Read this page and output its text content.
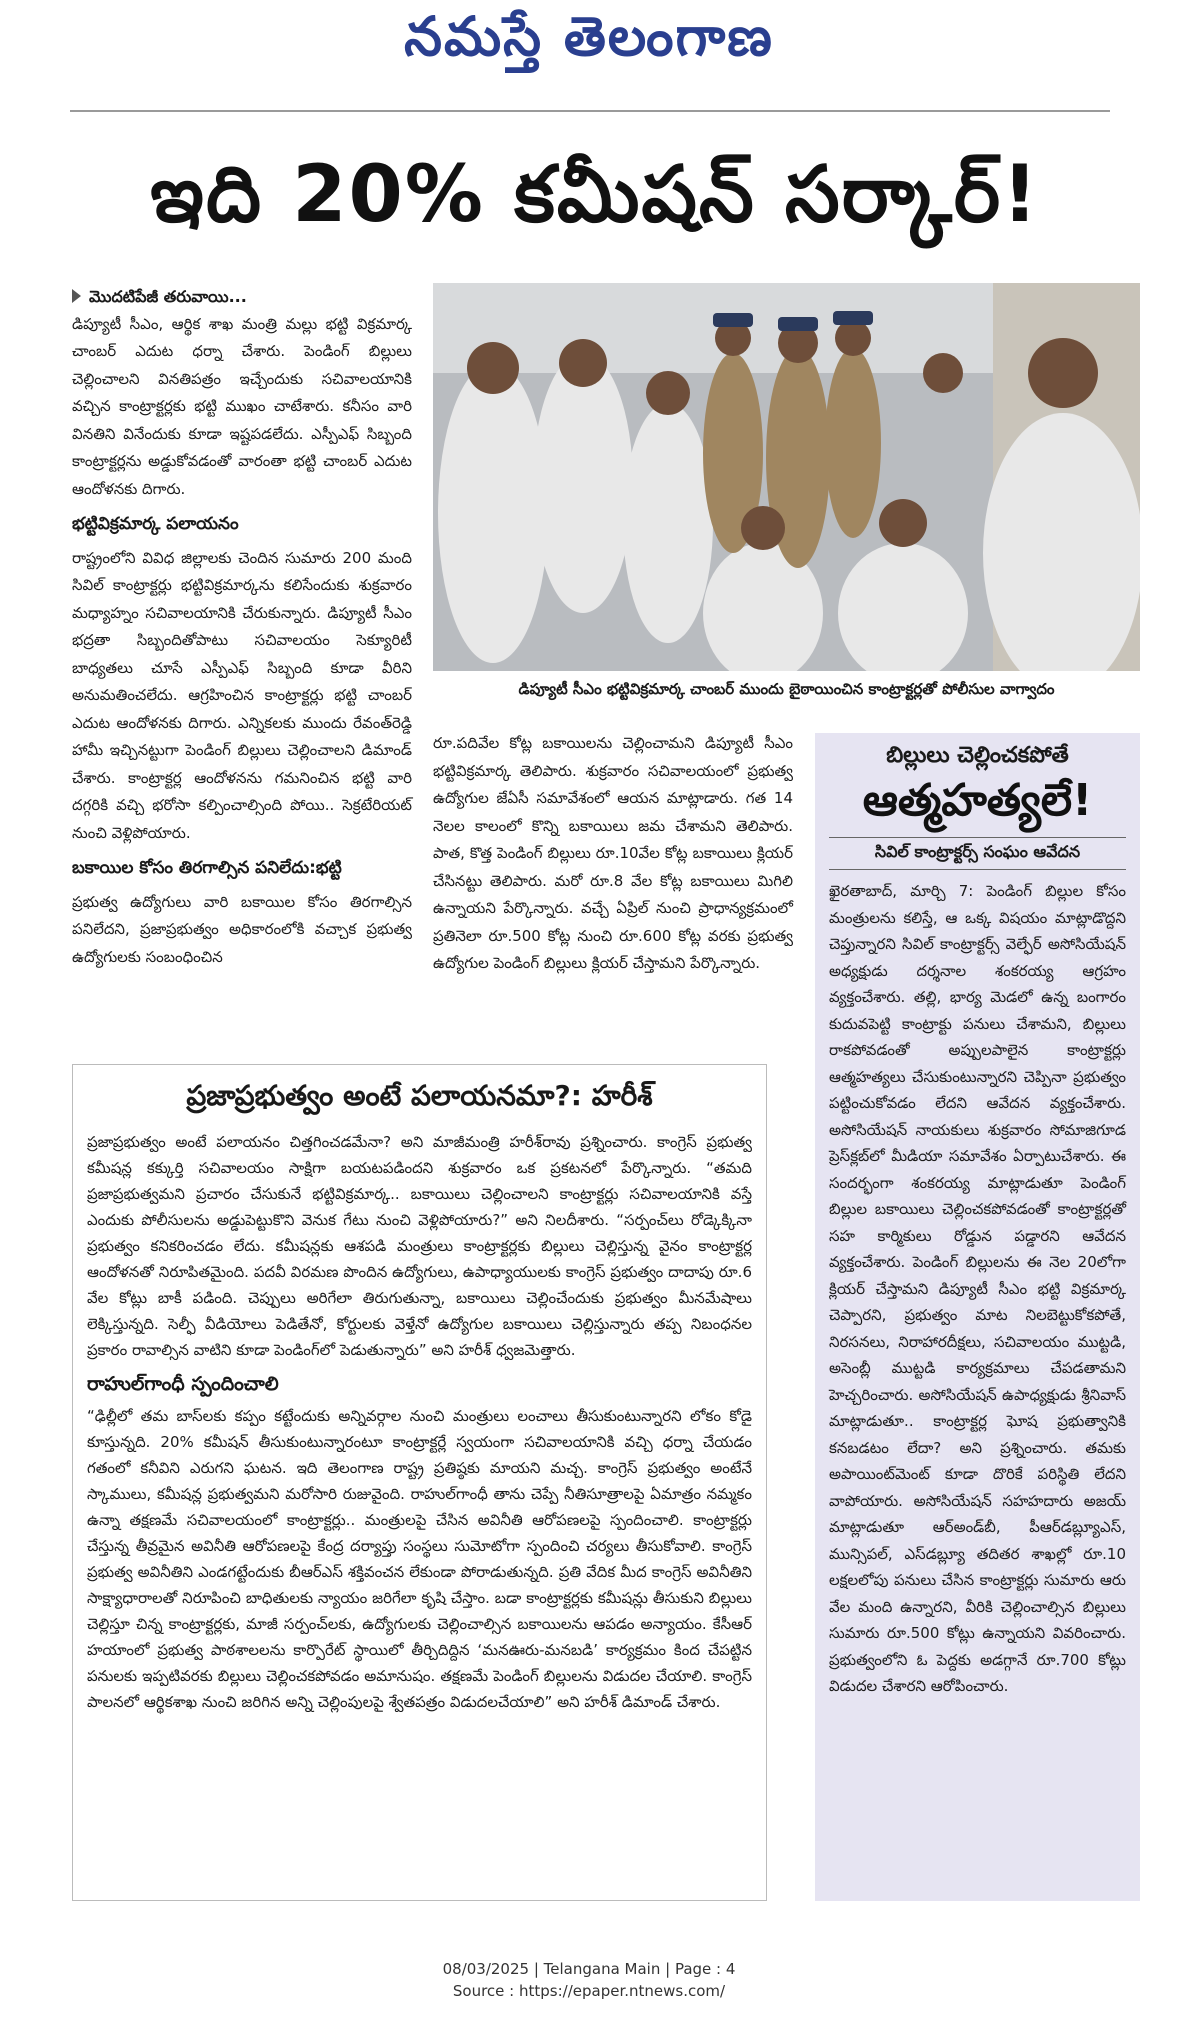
నమస్తే తెలంగాణ
ఇది 20% కమీషన్ సర్కార్!
మొదటిపేజీ తరువాయి...

డిప్యూటీ సీఎం, ఆర్థిక శాఖ మంత్రి మల్లు భట్టి విక్రమార్క చాంబర్ ఎదుట ధర్నా చేశారు. పెండింగ్ బిల్లులు చెల్లించాలని వినతిపత్రం ఇచ్చేందుకు సచివాలయానికి వచ్చిన కాంట్రాక్టర్లకు భట్టి ముఖం చాటేశారు. కనీసం వారి వినతిని వినేందుకు కూడా ఇష్టపడలేదు. ఎస్పీఎఫ్ సిబ్బంది కాంట్రాక్టర్లను అడ్డుకోవడంతో వారంతా భట్టి చాంబర్ ఎదుట ఆందోళనకు దిగారు.

భట్టివిక్రమార్క పలాయనం

రాష్ట్రంలోని వివిధ జిల్లాలకు చెందిన సుమారు 200 మంది సివిల్ కాంట్రాక్టర్లు భట్టివిక్రమార్కను కలిసేందుకు శుక్రవారం మధ్యాహ్నం సచివాలయానికి చేరుకున్నారు. డిప్యూటీ సీఎం భద్రతా సిబ్బందితోపాటు సచివాలయం సెక్యూరిటీ బాధ్యతలు చూసే ఎస్పీఎఫ్ సిబ్బంది కూడా వీరిని అనుమతించలేదు. ఆగ్రహించిన కాంట్రాక్టర్లు భట్టి చాంబర్ ఎదుట ఆందోళనకు దిగారు. ఎన్నికలకు ముందు రేవంత్‌రెడ్డి హామీ ఇచ్చినట్టుగా పెండింగ్ బిల్లులు చెల్లించాలని డిమాండ్ చేశారు. కాంట్రాక్టర్ల ఆందోళనను గమనించిన భట్టి వారి దగ్గరికి వచ్చి భరోసా కల్పించాల్సింది పోయి.. సెక్రటేరియట్ నుంచి వెళ్లిపోయారు.

బకాయిల కోసం తిరగాల్సిన పనిలేదు:భట్టి

ప్రభుత్వ ఉద్యోగులు వారి బకాయిల కోసం తిరగాల్సిన పనిలేదని, ప్రజాప్రభుత్వం అధికారంలోకి వచ్చాక ప్రభుత్వ ఉద్యోగులకు సంబంధించిన

డిప్యూటీ సీఎం భట్టివిక్రమార్క చాంబర్ ముందు బైఠాయించిన కాంట్రాక్టర్లతో పోలీసుల వాగ్వాదం

రూ.పదివేల కోట్ల బకాయిలను చెల్లించామని డిప్యూటీ సీఎం భట్టివిక్రమార్క తెలిపారు. శుక్రవారం సచివాలయంలో ప్రభుత్వ ఉద్యోగుల జేఏసీ సమావేశంలో ఆయన మాట్లాడారు. గత 14 నెలల కాలంలో కొన్ని బకాయిలు జమ చేశామని తెలిపారు. పాత, కొత్త పెండింగ్ బిల్లులు రూ.10వేల కోట్ల బకాయిలు క్లియర్ చేసినట్టు తెలిపారు. మరో రూ.8 వేల కోట్ల బకాయిలు మిగిలి ఉన్నాయని పేర్కొన్నారు. వచ్చే ఏప్రిల్ నుంచి ప్రాధాన్యక్రమంలో ప్రతినెలా రూ.500 కోట్ల నుంచి రూ.600 కోట్ల వరకు ప్రభుత్వ ఉద్యోగుల పెండింగ్ బిల్లులు క్లియర్ చేస్తామని పేర్కొన్నారు.

ప్రజాప్రభుత్వం అంటే పలాయనమా?: హరీశ్

ప్రజాప్రభుత్వం అంటే పలాయనం చిత్తగించడమేనా? అని మాజీమంత్రి హరీశ్‌రావు ప్రశ్నించారు. కాంగ్రెస్ ప్రభుత్వ కమీషన్ల కక్కుర్తి సచివాలయం సాక్షిగా బయటపడిందని శుక్రవారం ఒక ప్రకటనలో పేర్కొన్నారు. “తమది ప్రజాప్రభుత్వమని ప్రచారం చేసుకునే భట్టివిక్రమార్క.. బకాయిలు చెల్లించాలని కాంట్రాక్టర్లు సచివాలయానికి వస్తే ఎందుకు పోలీసులను అడ్డుపెట్టుకొని వెనుక గేటు నుంచి వెళ్లిపోయారు?” అని నిలదీశారు. “సర్పంచ్‌లు రోడ్కెక్కినా ప్రభుత్వం కనికరించడం లేదు. కమీషన్లకు ఆశపడి మంత్రులు కాంట్రాక్టర్లకు బిల్లులు చెల్లిస్తున్న వైనం కాంట్రాక్టర్ల ఆందోళనతో నిరూపితమైంది. పదవీ విరమణ పొందిన ఉద్యోగులు, ఉపాధ్యాయులకు కాంగ్రెస్ ప్రభుత్వం దాదాపు రూ.6 వేల కోట్లు బాకీ పడింది. చెప్పులు అరిగేలా తిరుగుతున్నా, బకాయిలు చెల్లించేందుకు ప్రభుత్వం మీనమేషాలు లెక్కిస్తున్నది. సెల్ఫీ వీడియోలు పెడితేనో, కోర్టులకు వెళ్తేనో ఉద్యోగుల బకాయిలు చెల్లిస్తున్నారు తప్ప నిబంధనల ప్రకారం రావాల్సిన వాటిని కూడా పెండింగ్‌లో పెడుతున్నారు” అని హరీశ్ ధ్వజమెత్తారు.

రాహుల్‌గాంధీ స్పందించాలి

“ఢిల్లీలో తమ బాస్‌లకు కప్పం కట్టేందుకు అన్నివర్గాల నుంచి మంత్రులు లంచాలు తీసుకుంటున్నారని లోకం కోడై కూస్తున్నది. 20% కమీషన్ తీసుకుంటున్నారంటూ కాంట్రాక్టర్లే స్వయంగా సచివాలయానికి వచ్చి ధర్నా చేయడం గతంలో కనీవిని ఎరుగని ఘటన. ఇది తెలంగాణ రాష్ట్ర ప్రతిష్ఠకు మాయని మచ్చ. కాంగ్రెస్ ప్రభుత్వం అంటేనే స్కాములు, కమీషన్ల ప్రభుత్వమని మరోసారి రుజువైంది. రాహుల్‌గాంధీ తాను చెప్పే నీతిసూత్రాలపై ఏమాత్రం నమ్మకం ఉన్నా తక్షణమే సచివాలయంలో కాంట్రాక్టర్లు.. మంత్రులపై చేసిన అవినీతి ఆరోపణలపై స్పందించాలి. కాంట్రాక్టర్లు చేస్తున్న తీవ్రమైన అవినీతి ఆరోపణలపై కేంద్ర దర్యాప్తు సంస్థలు సుమోటోగా స్పందించి చర్యలు తీసుకోవాలి. కాంగ్రెస్ ప్రభుత్వ అవినీతిని ఎండగట్టేందుకు బీఆర్‌ఎస్ శక్తివంచన లేకుండా పోరాడుతున్నది. ప్రతి వేదిక మీద కాంగ్రెస్ అవినీతిని సాక్ష్యాధారాలతో నిరూపించి బాధితులకు న్యాయం జరిగేలా కృషి చేస్తాం. బడా కాంట్రాక్టర్లకు కమీషన్లు తీసుకుని బిల్లులు చెల్లిస్తూ చిన్న కాంట్రాక్టర్లకు, మాజీ సర్పంచ్‌లకు, ఉద్యోగులకు చెల్లించాల్సిన బకాయిలను ఆపడం అన్యాయం. కేసీఆర్ హయాంలో ప్రభుత్వ పాఠశాలలను కార్పొరేట్ స్థాయిలో తీర్చిదిద్దిన ‘మనఊరు-మనబడి’ కార్యక్రమం కింద చేపట్టిన పనులకు ఇప్పటివరకు బిల్లులు చెల్లించకపోవడం అమానుషం. తక్షణమే పెండింగ్ బిల్లులను విడుదల చేయాలి. కాంగ్రెస్ పాలనలో ఆర్థికశాఖ నుంచి జరిగిన అన్ని చెల్లింపులపై శ్వేతపత్రం విడుదలచేయాలి” అని హరీశ్ డిమాండ్ చేశారు.

బిల్లులు చెల్లించకపోతే
ఆత్మహత్యలే!
సివిల్ కాంట్రాక్టర్స్ సంఘం ఆవేదన

ఖైరతాబాద్, మార్చి 7: పెండింగ్ బిల్లుల కోసం మంత్రులను కలిస్తే, ఆ ఒక్క విషయం మాట్లాడొద్దని చెప్తున్నారని సివిల్ కాంట్రాక్టర్స్ వెల్ఫేర్ అసోసియేషన్ అధ్యక్షుడు దర్శనాల శంకరయ్య ఆగ్రహం వ్యక్తంచేశారు. తల్లి, భార్య మెడలో ఉన్న బంగారం కుదువపెట్టి కాంట్రాక్టు పనులు చేశామని, బిల్లులు రాకపోవడంతో అప్పులపాలైన కాంట్రాక్టర్లు ఆత్మహత్యలు చేసుకుంటున్నారని చెప్పినా ప్రభుత్వం పట్టించుకోవడం లేదని ఆవేదన వ్యక్తంచేశారు. అసోసియేషన్ నాయకులు శుక్రవారం సోమాజిగూడ ప్రెస్‌క్లబ్‌లో మీడియా సమావేశం ఏర్పాటుచేశారు. ఈ సందర్భంగా శంకరయ్య మాట్లాడుతూ పెండింగ్ బిల్లుల బకాయిలు చెల్లించకపోవడంతో కాంట్రాక్టర్లతో సహ కార్మికులు రోడ్డున పడ్డారని ఆవేదన వ్యక్తంచేశారు. పెండింగ్ బిల్లులను ఈ నెల 20లోగా క్లియర్ చేస్తామని డిప్యూటీ సీఎం భట్టి విక్రమార్క చెప్పారని, ప్రభుత్వం మాట నిలబెట్టుకోకపోతే, నిరసనలు, నిరాహారదీక్షలు, సచివాలయం ముట్టడి, అసెంబ్లీ ముట్టడి కార్యక్రమాలు చేపడతామని హెచ్చరించారు. అసోసియేషన్ ఉపాధ్యక్షుడు శ్రీనివాస్ మాట్లాడుతూ.. కాంట్రాక్టర్ల ఘోష ప్రభుత్వానికి కనబడటం లేదా? అని ప్రశ్నించారు. తమకు అపాయింట్‌మెంట్ కూడా దొరికే పరిస్థితి లేదని వాపోయారు. అసోసియేషన్ సహహదారు అజయ్ మాట్లాడుతూ ఆర్‌అండ్‌బీ, పీఆర్‌డబ్ల్యూఎస్, మున్సిపల్, ఎస్‌డబ్ల్యూ తదితర శాఖల్లో రూ.10 లక్షలలోపు పనులు చేసిన కాంట్రాక్టర్లు సుమారు ఆరు వేల మంది ఉన్నారని, వీరికి చెల్లించాల్సిన బిల్లులు సుమారు రూ.500 కోట్లు ఉన్నాయని వివరించారు. ప్రభుత్వంలోని ఓ పెద్దకు అడగ్గానే రూ.700 కోట్లు విడుదల చేశారని ఆరోపించారు.

08/03/2025 | Telangana Main | Page : 4
Source : https://epaper.ntnews.com/
